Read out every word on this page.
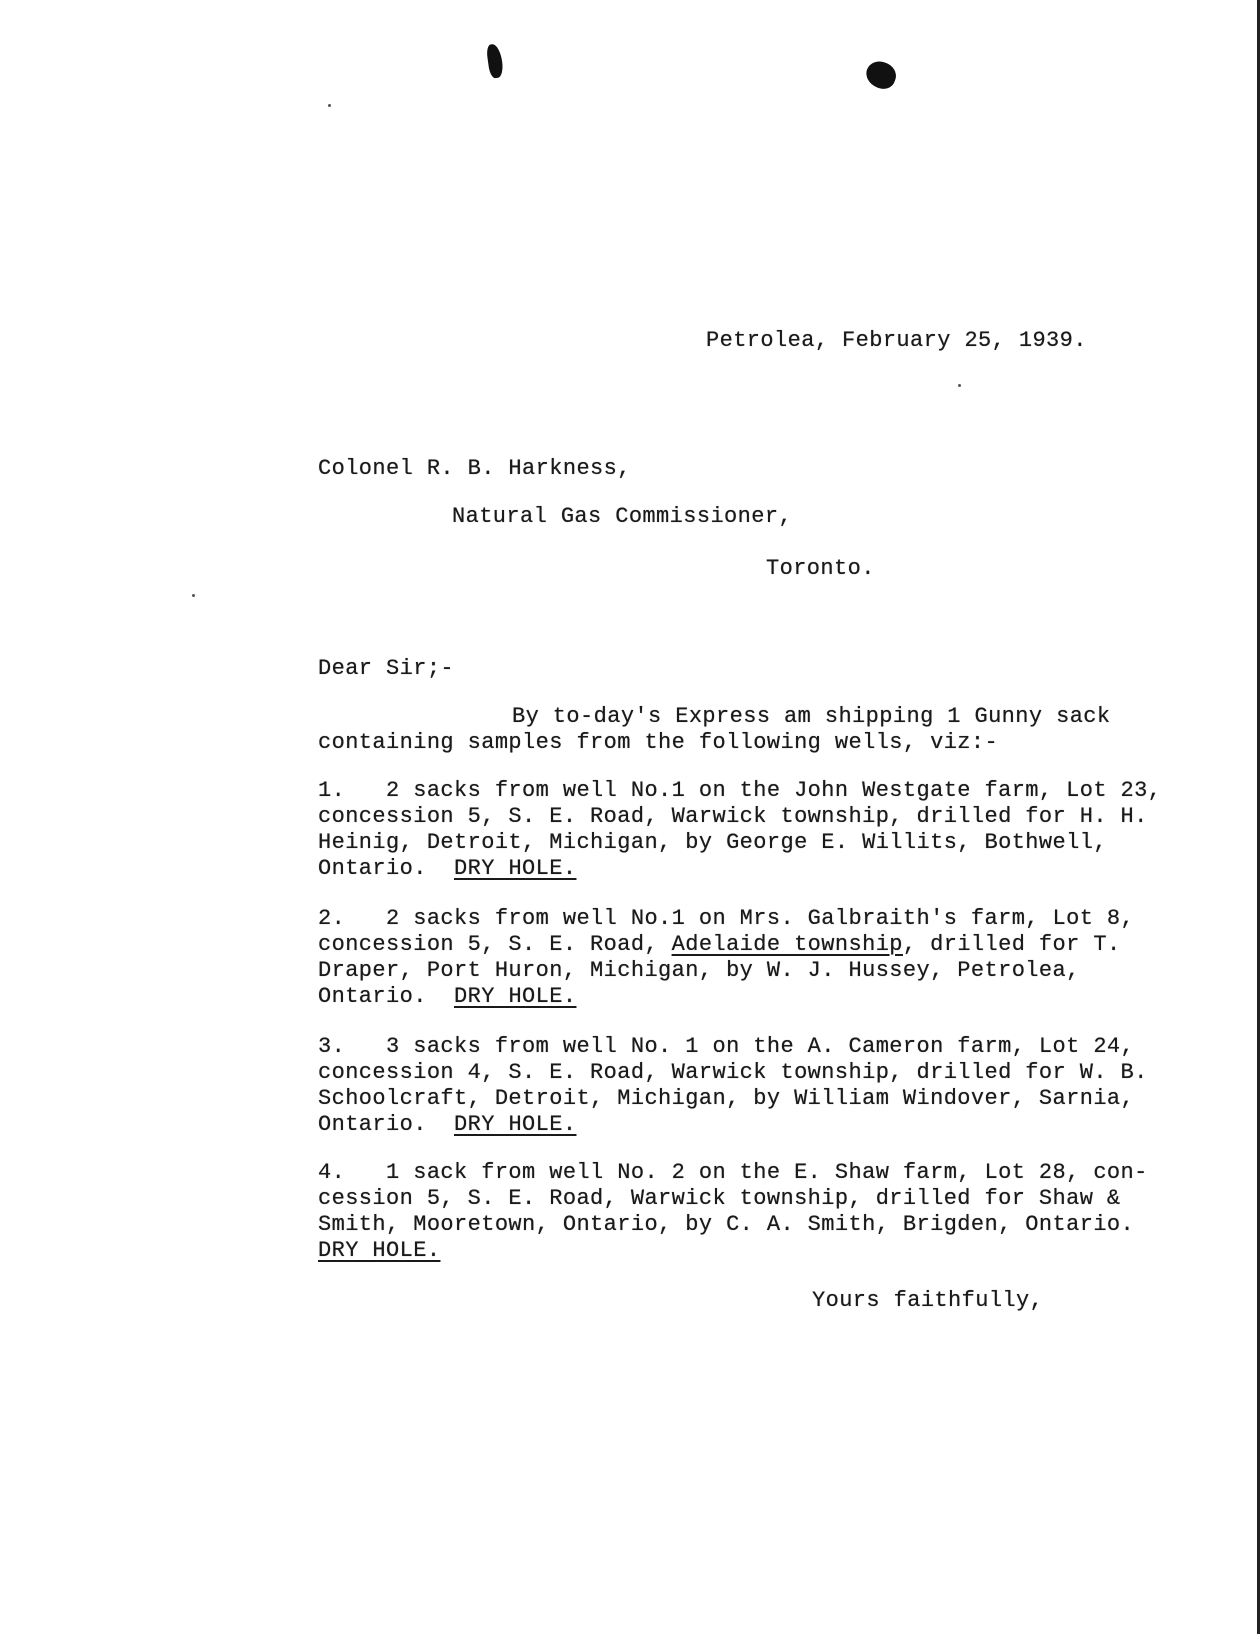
Petrolea, February 25, 1939.
Colonel R. B. Harkness,
Natural Gas Commissioner,
Toronto.
Dear Sir;-
By to-day's Express am shipping 1 Gunny sack
containing samples from the following wells, viz:-
1.   2 sacks from well No.1 on the John Westgate farm, Lot 23,
concession 5, S. E. Road, Warwick township, drilled for H. H.
Heinig, Detroit, Michigan, by George E. Willits, Bothwell,
Ontario.  DRY HOLE.
2.   2 sacks from well No.1 on Mrs. Galbraith's farm, Lot 8,
concession 5, S. E. Road, Adelaide township, drilled for T.
Draper, Port Huron, Michigan, by W. J. Hussey, Petrolea,
Ontario.  DRY HOLE.
3.   3 sacks from well No. 1 on the A. Cameron farm, Lot 24,
concession 4, S. E. Road, Warwick township, drilled for W. B.
Schoolcraft, Detroit, Michigan, by William Windover, Sarnia,
Ontario.  DRY HOLE.
4.   1 sack from well No. 2 on the E. Shaw farm, Lot 28, con-
cession 5, S. E. Road, Warwick township, drilled for Shaw &
Smith, Mooretown, Ontario, by C. A. Smith, Brigden, Ontario.
DRY HOLE.
Yours faithfully,
